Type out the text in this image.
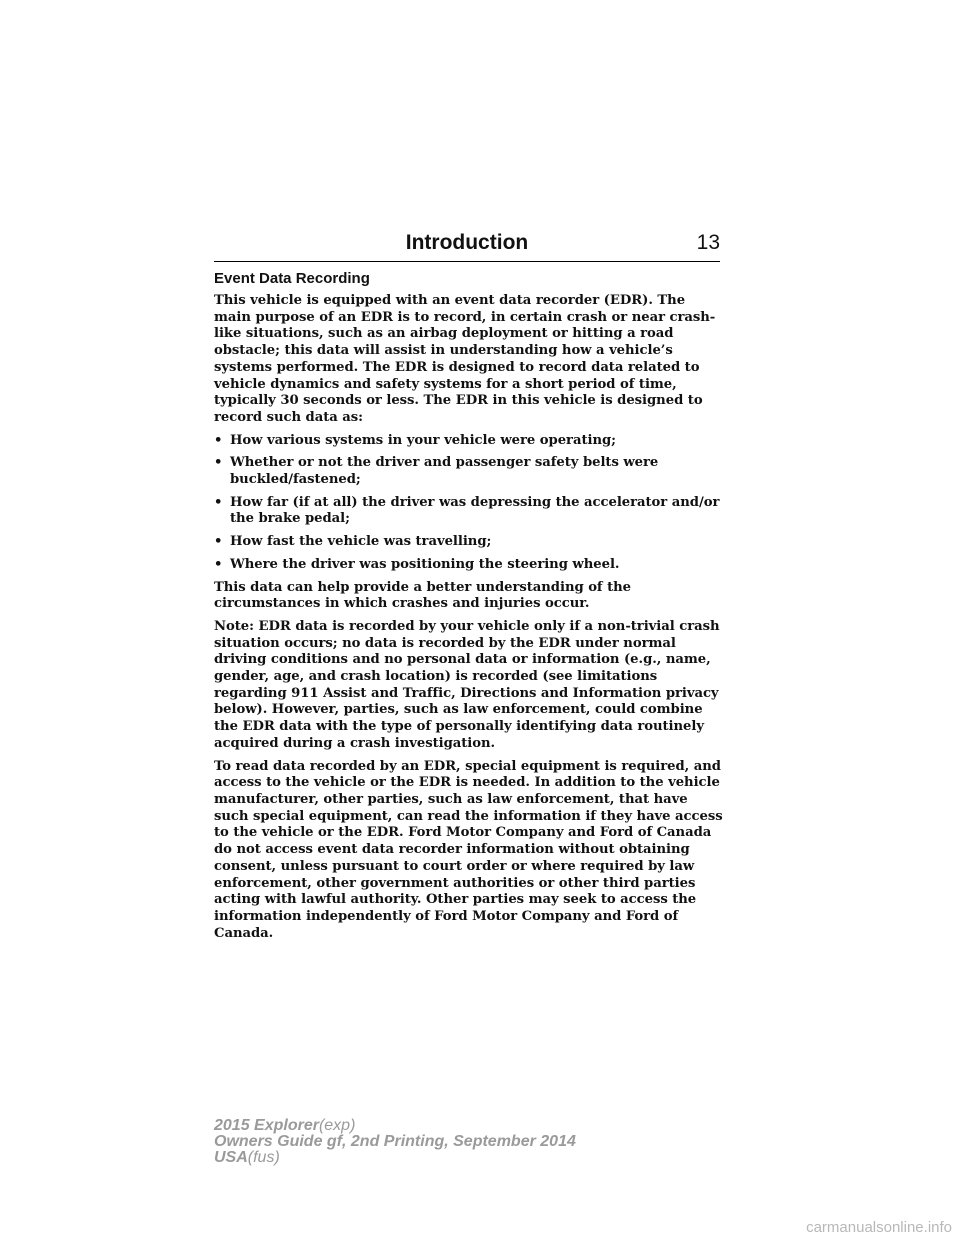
Introduction	13
Event Data Recording

This vehicle is equipped with an event data recorder (EDR). The main purpose of an EDR is to record, in certain crash or near crash-like situations, such as an airbag deployment or hitting a road obstacle; this data will assist in understanding how a vehicle’s systems performed. The EDR is designed to record data related to vehicle dynamics and safety systems for a short period of time, typically 30 seconds or less. The EDR in this vehicle is designed to record such data as:

• How various systems in your vehicle were operating;
• Whether or not the driver and passenger safety belts were buckled/fastened;
• How far (if at all) the driver was depressing the accelerator and/or the brake pedal;
• How fast the vehicle was travelling;
• Where the driver was positioning the steering wheel.

This data can help provide a better understanding of the circumstances in which crashes and injuries occur.

Note: EDR data is recorded by your vehicle only if a non-trivial crash situation occurs; no data is recorded by the EDR under normal driving conditions and no personal data or information (e.g., name, gender, age, and crash location) is recorded (see limitations regarding 911 Assist and Traffic, Directions and Information privacy below). However, parties, such as law enforcement, could combine the EDR data with the type of personally identifying data routinely acquired during a crash investigation.

To read data recorded by an EDR, special equipment is required, and access to the vehicle or the EDR is needed. In addition to the vehicle manufacturer, other parties, such as law enforcement, that have such special equipment, can read the information if they have access to the vehicle or the EDR. Ford Motor Company and Ford of Canada do not access event data recorder information without obtaining consent, unless pursuant to court order or where required by law enforcement, other government authorities or other third parties acting with lawful authority. Other parties may seek to access the information independently of Ford Motor Company and Ford of Canada.

2015 Explorer(exp)
Owners Guide gf, 2nd Printing, September 2014
USA(fus)
carmanualsonline.info
